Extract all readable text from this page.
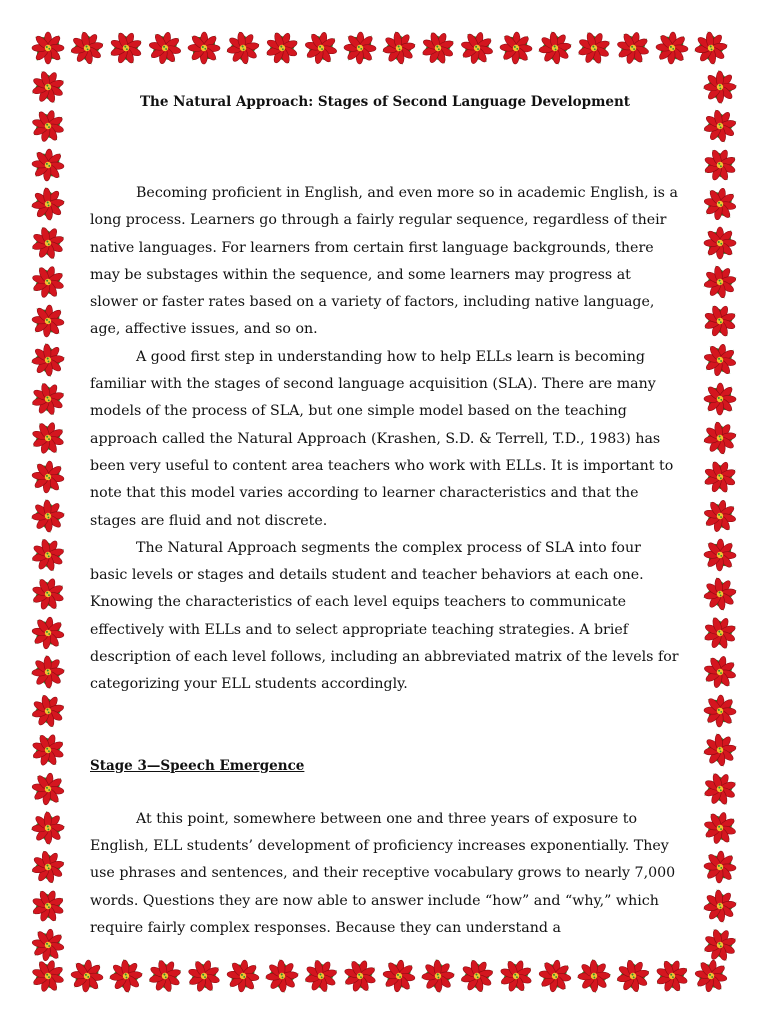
The Natural Approach: Stages of Second Language Development

Becoming proficient in English, and even more so in academic English, is a long process. Learners go through a fairly regular sequence, regardless of their native languages. For learners from certain first language backgrounds, there may be substages within the sequence, and some learners may progress at slower or faster rates based on a variety of factors, including native language, age, affective issues, and so on.

A good first step in understanding how to help ELLs learn is becoming familiar with the stages of second language acquisition (SLA). There are many models of the process of SLA, but one simple model based on the teaching approach called the Natural Approach (Krashen, S.D. & Terrell, T.D., 1983) has been very useful to content area teachers who work with ELLs. It is important to note that this model varies according to learner characteristics and that the stages are fluid and not discrete.

The Natural Approach segments the complex process of SLA into four basic levels or stages and details student and teacher behaviors at each one. Knowing the characteristics of each level equips teachers to communicate effectively with ELLs and to select appropriate teaching strategies. A brief description of each level follows, including an abbreviated matrix of the levels for categorizing your ELL students accordingly.

Stage 3—Speech Emergence

At this point, somewhere between one and three years of exposure to English, ELL students’ development of proficiency increases exponentially. They use phrases and sentences, and their receptive vocabulary grows to nearly 7,000 words. Questions they are now able to answer include “how” and “why,” which require fairly complex responses. Because they can understand a
